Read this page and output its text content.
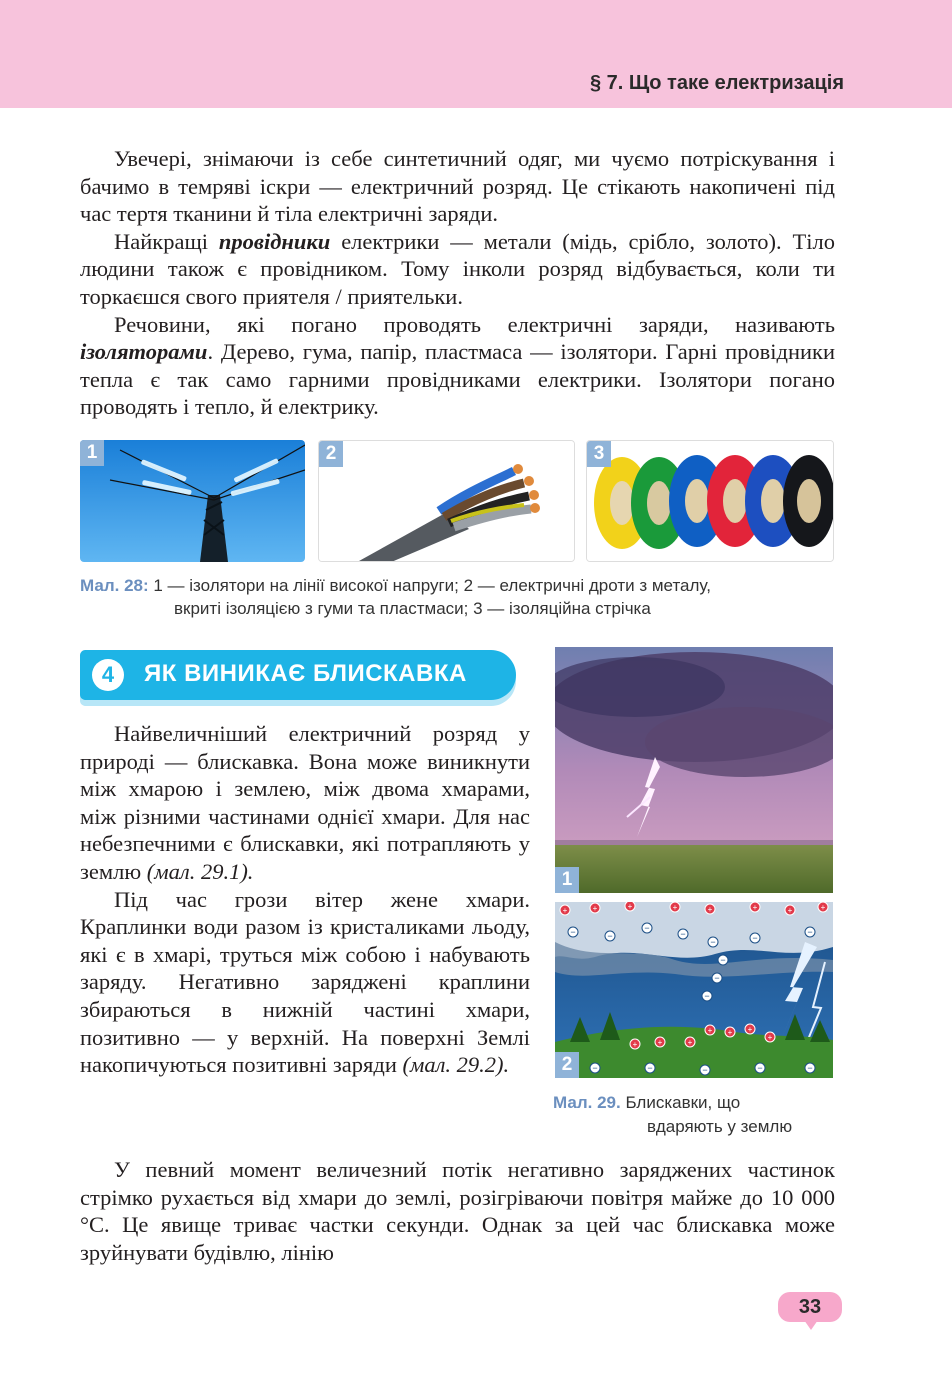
§ 7. Що таке електризація

Увечері, знімаючи із себе синтетичний одяг, ми чуємо потріскування і бачимо в темряві іскри — електричний розряд. Це стікають накопичені під час тертя тканини й тіла електричні заряди.

Найкращі провідники електрики — метали (мідь, срібло, золото). Тіло людини також є провідником. Тому інколи розряд відбувається, коли ти торкаєшся свого приятеля / приятельки.

Речовини, які погано проводять електричні заряди, називають ізоляторами. Дерево, гума, папір, пластмаса — ізолятори. Гарні провідники тепла є так само гарними провідниками електрики. Ізолятори погано проводять і тепло, й електрику.

1	2	3
Мал. 28: 1 — ізолятори на лінії високої напруги; 2 — електричні дроти з металу,
вкриті ізоляцією з гуми та пластмаси; 3 — ізоляційна стрічка
4	ЯК ВИНИКАЄ БЛИСКАВКА

Найвеличніший електричний розряд у природі — блискавка. Вона може виникнути між хмарою і землею, між двома хмарами, між різними частинами однієї хмари. Для нас небезпечними є блискавки, які потрапляють у землю (мал. 29.1).

Під час грози вітер жене хмари. Краплинки води разом із кристаликами льоду, які є в хмарі, труться між собою і набувають заряду. Негативно заряджені краплини збираються в нижній частині хмари, позитивно — у верхній. На поверхні Землі накопичуються позитивні заряди (мал. 29.2).

1
+	+	+	+	+	+	+	+
+
+ + +
+
+	+
−	−
−
−
−
−
−
−
−
−
−	−	−	−	−
2
Мал. 29. Блискавки, що
вдаряють у землю

У певний момент величезний потік негативно заряджених частинок стрімко рухається від хмари до землі, розігріваючи повітря майже до 10 000 °С. Це явище триває частки секунди. Однак за цей час блискавка може зруйнувати будівлю, лінію

33
